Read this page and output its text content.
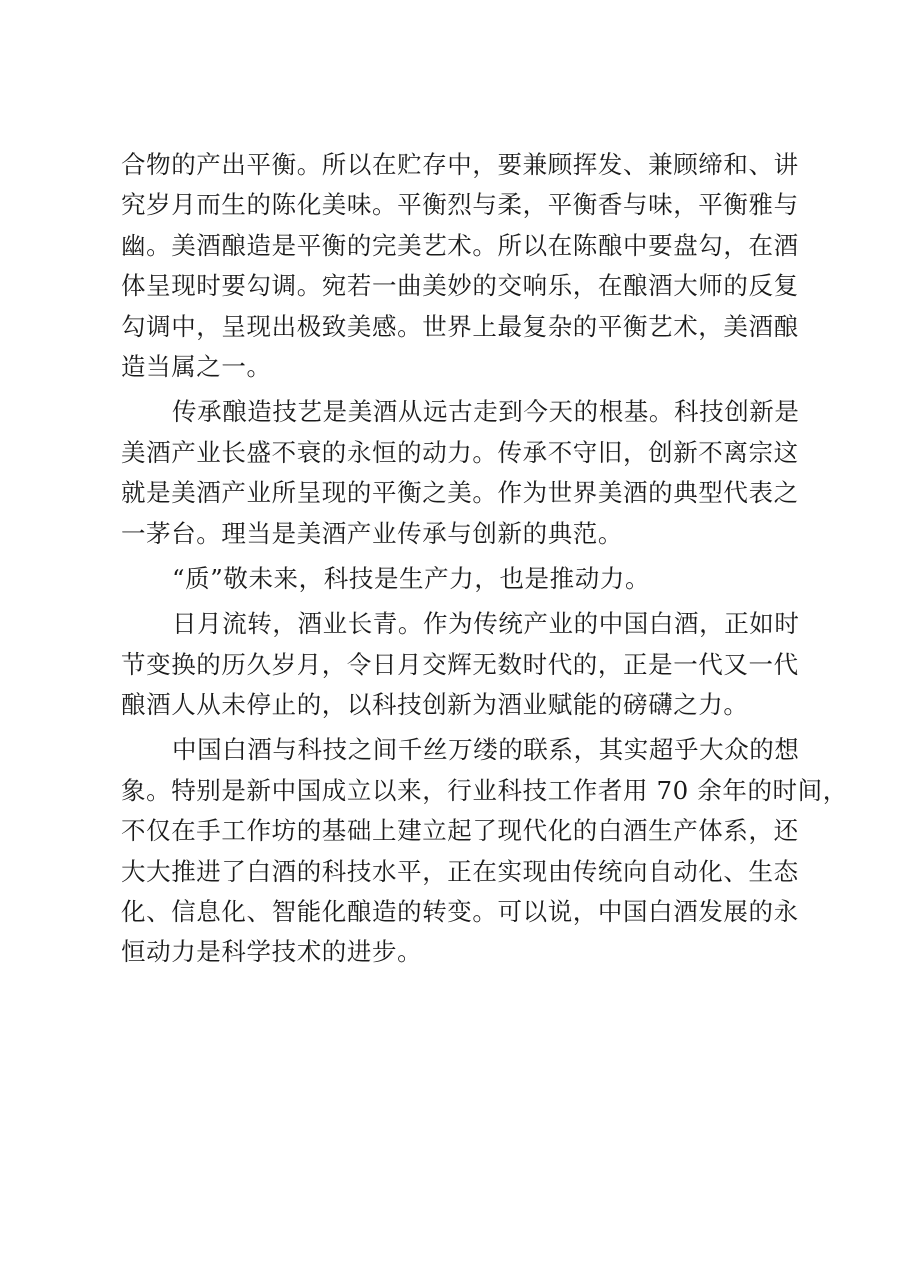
合物的产出平衡。所以在贮存中，要兼顾挥发、兼顾缔和、讲
究岁月而生的陈化美味。平衡烈与柔，平衡香与味，平衡雅与
幽。美酒酿造是平衡的完美艺术。所以在陈酿中要盘勾，在酒
体呈现时要勾调。宛若一曲美妙的交响乐，在酿酒大师的反复
勾调中，呈现出极致美感。世界上最复杂的平衡艺术，美酒酿
造当属之一。
传承酿造技艺是美酒从远古走到今天的根基。科技创新是
美酒产业长盛不衰的永恒的动力。传承不守旧，创新不离宗这
就是美酒产业所呈现的平衡之美。作为世界美酒的典型代表之
一茅台。理当是美酒产业传承与创新的典范。
“质”敬未来，科技是生产力，也是推动力。
日月流转，酒业长青。作为传统产业的中国白酒，正如时
节变换的历久岁月，令日月交辉无数时代的，正是一代又一代
酿酒人从未停止的，以科技创新为酒业赋能的磅礴之力。
中国白酒与科技之间千丝万缕的联系，其实超乎大众的想
象。特别是新中国成立以来，行业科技工作者用 70 余年的时间，
不仅在手工作坊的基础上建立起了现代化的白酒生产体系，还
大大推进了白酒的科技水平，正在实现由传统向自动化、生态
化、信息化、智能化酿造的转变。可以说，中国白酒发展的永
恒动力是科学技术的进步。
